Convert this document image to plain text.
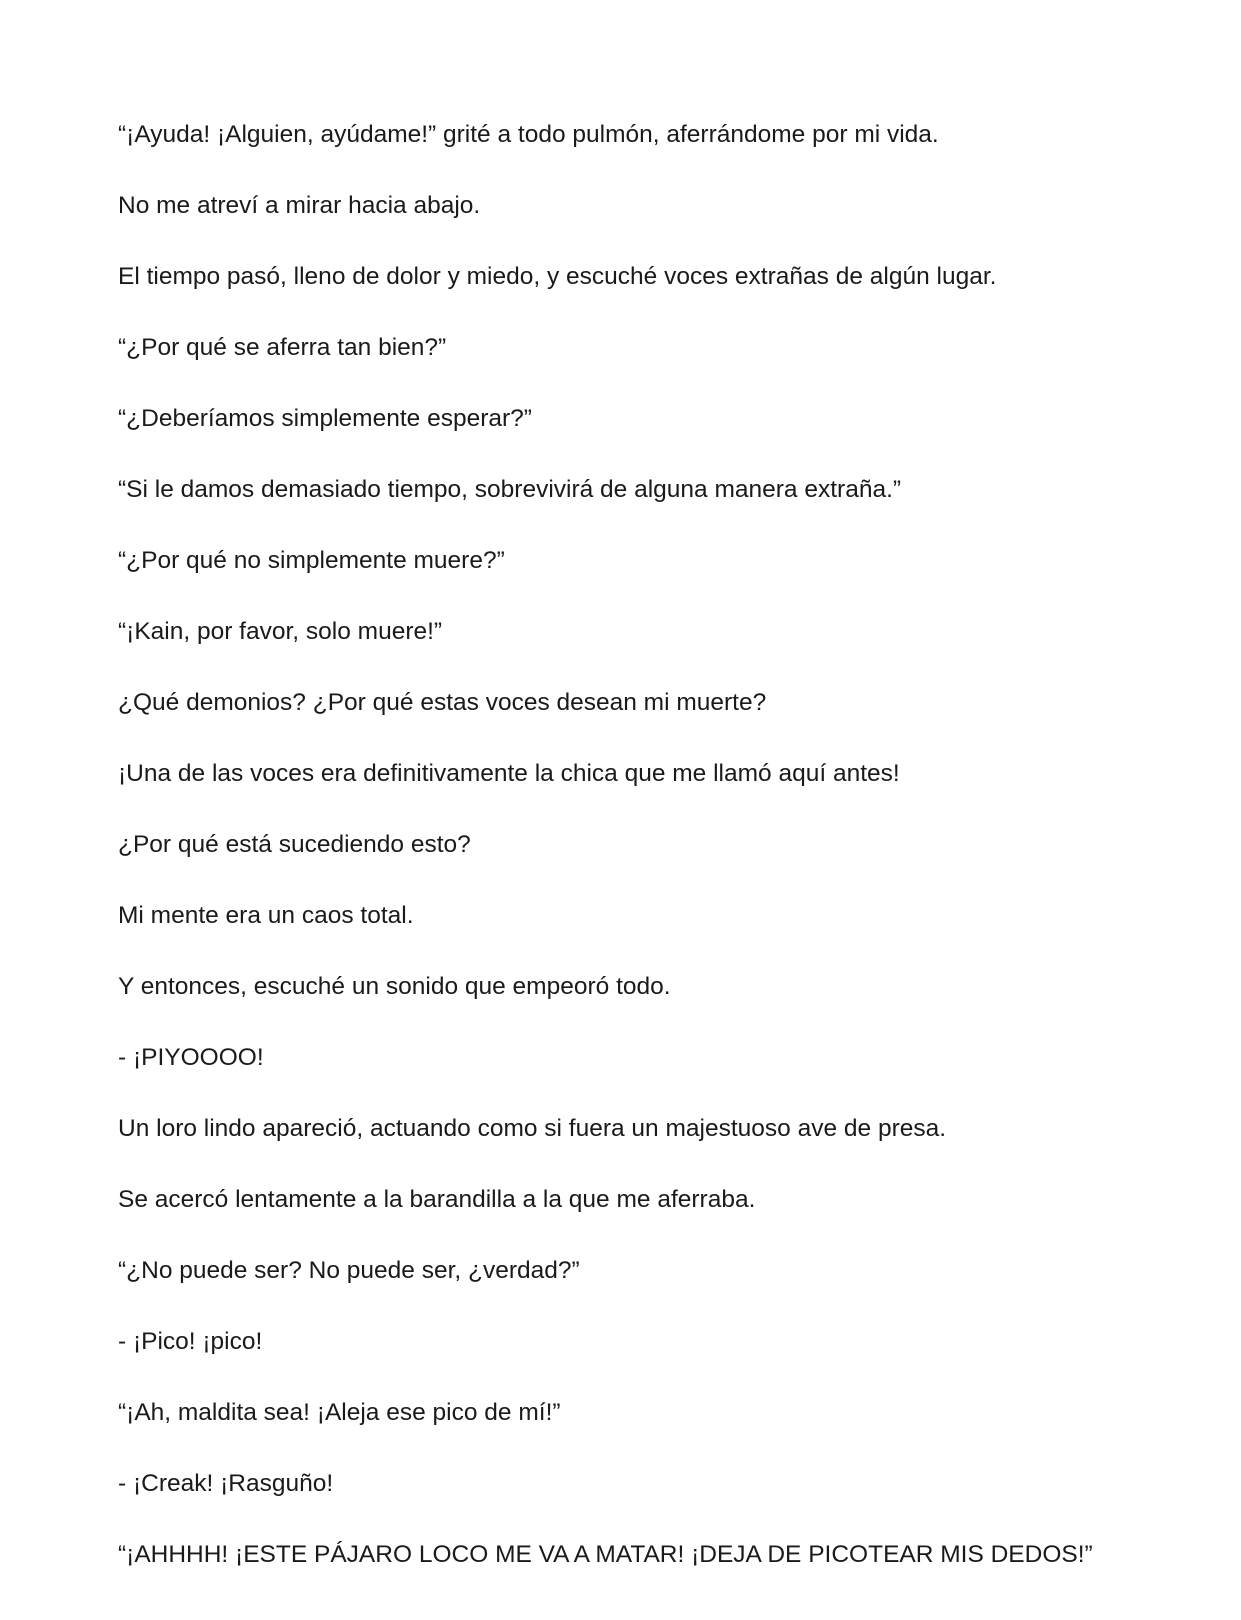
“¡Ayuda! ¡Alguien, ayúdame!” grité a todo pulmón, aferrándome por mi vida.

No me atreví a mirar hacia abajo.

El tiempo pasó, lleno de dolor y miedo, y escuché voces extrañas de algún lugar.

“¿Por qué se aferra tan bien?”

“¿Deberíamos simplemente esperar?”

“Si le damos demasiado tiempo, sobrevivirá de alguna manera extraña.”

“¿Por qué no simplemente muere?”

“¡Kain, por favor, solo muere!”

¿Qué demonios? ¿Por qué estas voces desean mi muerte?

¡Una de las voces era definitivamente la chica que me llamó aquí antes!

¿Por qué está sucediendo esto?

Mi mente era un caos total.

Y entonces, escuché un sonido que empeoró todo.

- ¡PIYOOOO!

Un loro lindo apareció, actuando como si fuera un majestuoso ave de presa.

Se acercó lentamente a la barandilla a la que me aferraba.

“¿No puede ser? No puede ser, ¿verdad?”

- ¡Pico! ¡pico!

“¡Ah, maldita sea! ¡Aleja ese pico de mí!”

- ¡Creak! ¡Rasguño!

“¡AHHHH! ¡ESTE PÁJARO LOCO ME VA A MATAR! ¡DEJA DE PICOTEAR MIS DEDOS!”
